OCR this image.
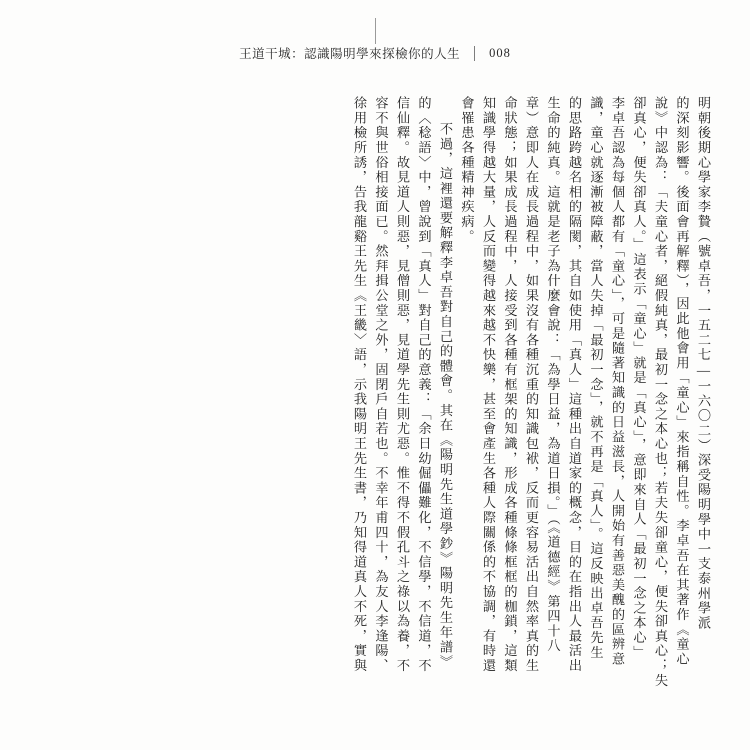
王道干城：認識陽明學來探檢你的人生 008
明朝後期心學家李贄（號卓吾，一五二七—一六〇二）深受陽明學中一支泰州學派
的深刻影響。後面會再解釋），因此他會用「童心」來指稱自性。李卓吾在其著作《童心
說》中認為：「夫童心者，絕假純真，最初一念之本心也；若夫失卻童心，便失卻真心；失
卻真心，便失卻真人。」這表示「童心」就是「真心」，意即來自人「最初一念之本心」
李卓吾認為每個人都有「童心」，可是隨著知識的日益滋長，人開始有善惡美醜的區辨意
識，童心就逐漸被障蔽，當人失掉「最初一念」，就不再是「真人」。這反映出卓吾先生
的思路跨越名相的隔閡，其自如使用「真人」這種出自道家的概念，目的在指出人最活出
生命的純真。這就是老子為什麼會說：「為學日益，為道日損。」（《道德經》第四十八
章）意即人在成長過程中，如果沒有各種沉重的知識包袱，反而更容易活出自然率真的生
命狀態；如果成長過程中，人接受到各種有框架的知識，形成各種條條框框的枷鎖，這類
知識學得越大量，人反而變得越來越不快樂，甚至會產生各種人際關係的不協調，有時還
會罹患各種精神疾病。
不過，這裡還要解釋李卓吾對自己的體會。其在《陽明先生道學鈔》陽明先生年譜》
的〈稔語〉中，曾說到「真人」對自己的意義：「余日幼倔儡難化，不信學，不信道，不
信仙釋。故見道人則惡，見僧則惡，見道學先生則尤惡。惟不得不假孔斗之祿以為養，不
容不與世俗相接面已。然拜揖公堂之外，固閉戶自若也。不幸年甫四十，為友人李逢陽、
徐用檢所誘，告我龍谿王先生《王畿〉語，示我陽明王先生書，乃知得道真人不死，實與
